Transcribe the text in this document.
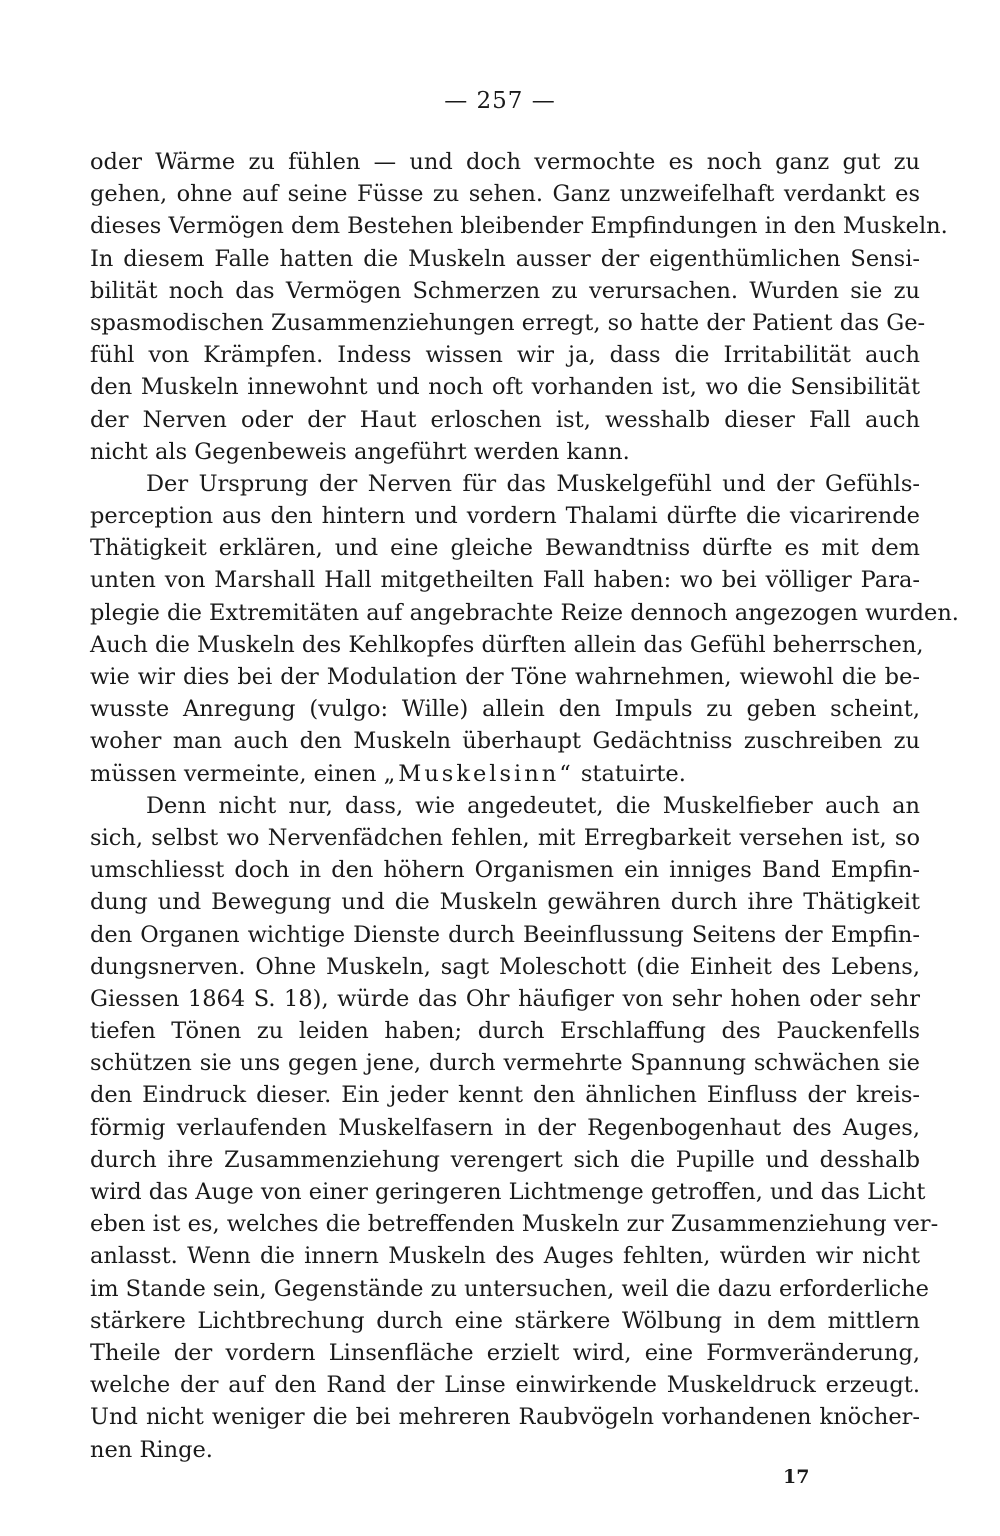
— 257 —
oder Wärme zu fühlen — und doch vermochte es noch ganz gut zu
gehen, ohne auf seine Füsse zu sehen. Ganz unzweifelhaft verdankt es
dieses Vermögen dem Bestehen bleibender Empfindungen in den Muskeln.
In diesem Falle hatten die Muskeln ausser der eigenthümlichen Sensi-
bilität noch das Vermögen Schmerzen zu verursachen. Wurden sie zu
spasmodischen Zusammenziehungen erregt, so hatte der Patient das Ge-
fühl von Krämpfen. Indess wissen wir ja, dass die Irritabilität auch
den Muskeln innewohnt und noch oft vorhanden ist, wo die Sensibilität
der Nerven oder der Haut erloschen ist, wesshalb dieser Fall auch
nicht als Gegenbeweis angeführt werden kann.
Der Ursprung der Nerven für das Muskelgefühl und der Gefühls-
perception aus den hintern und vordern Thalami dürfte die vicarirende
Thätigkeit erklären, und eine gleiche Bewandtniss dürfte es mit dem
unten von Marshall Hall mitgetheilten Fall haben: wo bei völliger Para-
plegie die Extremitäten auf angebrachte Reize dennoch angezogen wurden.
Auch die Muskeln des Kehlkopfes dürften allein das Gefühl beherrschen,
wie wir dies bei der Modulation der Töne wahrnehmen, wiewohl die be-
wusste Anregung (vulgo: Wille) allein den Impuls zu geben scheint,
woher man auch den Muskeln überhaupt Gedächtniss zuschreiben zu
müssen vermeinte, einen „Muskelsinn“ statuirte.
Denn nicht nur, dass, wie angedeutet, die Muskelfieber auch an
sich, selbst wo Nervenfädchen fehlen, mit Erregbarkeit versehen ist, so
umschliesst doch in den höhern Organismen ein inniges Band Empfin-
dung und Bewegung und die Muskeln gewähren durch ihre Thätigkeit
den Organen wichtige Dienste durch Beeinflussung Seitens der Empfin-
dungsnerven. Ohne Muskeln, sagt Moleschott (die Einheit des Lebens,
Giessen 1864 S. 18), würde das Ohr häufiger von sehr hohen oder sehr
tiefen Tönen zu leiden haben; durch Erschlaffung des Pauckenfells
schützen sie uns gegen jene, durch vermehrte Spannung schwächen sie
den Eindruck dieser. Ein jeder kennt den ähnlichen Einfluss der kreis-
förmig verlaufenden Muskelfasern in der Regenbogenhaut des Auges,
durch ihre Zusammenziehung verengert sich die Pupille und desshalb
wird das Auge von einer geringeren Lichtmenge getroffen, und das Licht
eben ist es, welches die betreffenden Muskeln zur Zusammenziehung ver-
anlasst. Wenn die innern Muskeln des Auges fehlten, würden wir nicht
im Stande sein, Gegenstände zu untersuchen, weil die dazu erforderliche
stärkere Lichtbrechung durch eine stärkere Wölbung in dem mittlern
Theile der vordern Linsenfläche erzielt wird, eine Formveränderung,
welche der auf den Rand der Linse einwirkende Muskeldruck erzeugt.
Und nicht weniger die bei mehreren Raubvögeln vorhandenen knöcher-
nen Ringe.
17
